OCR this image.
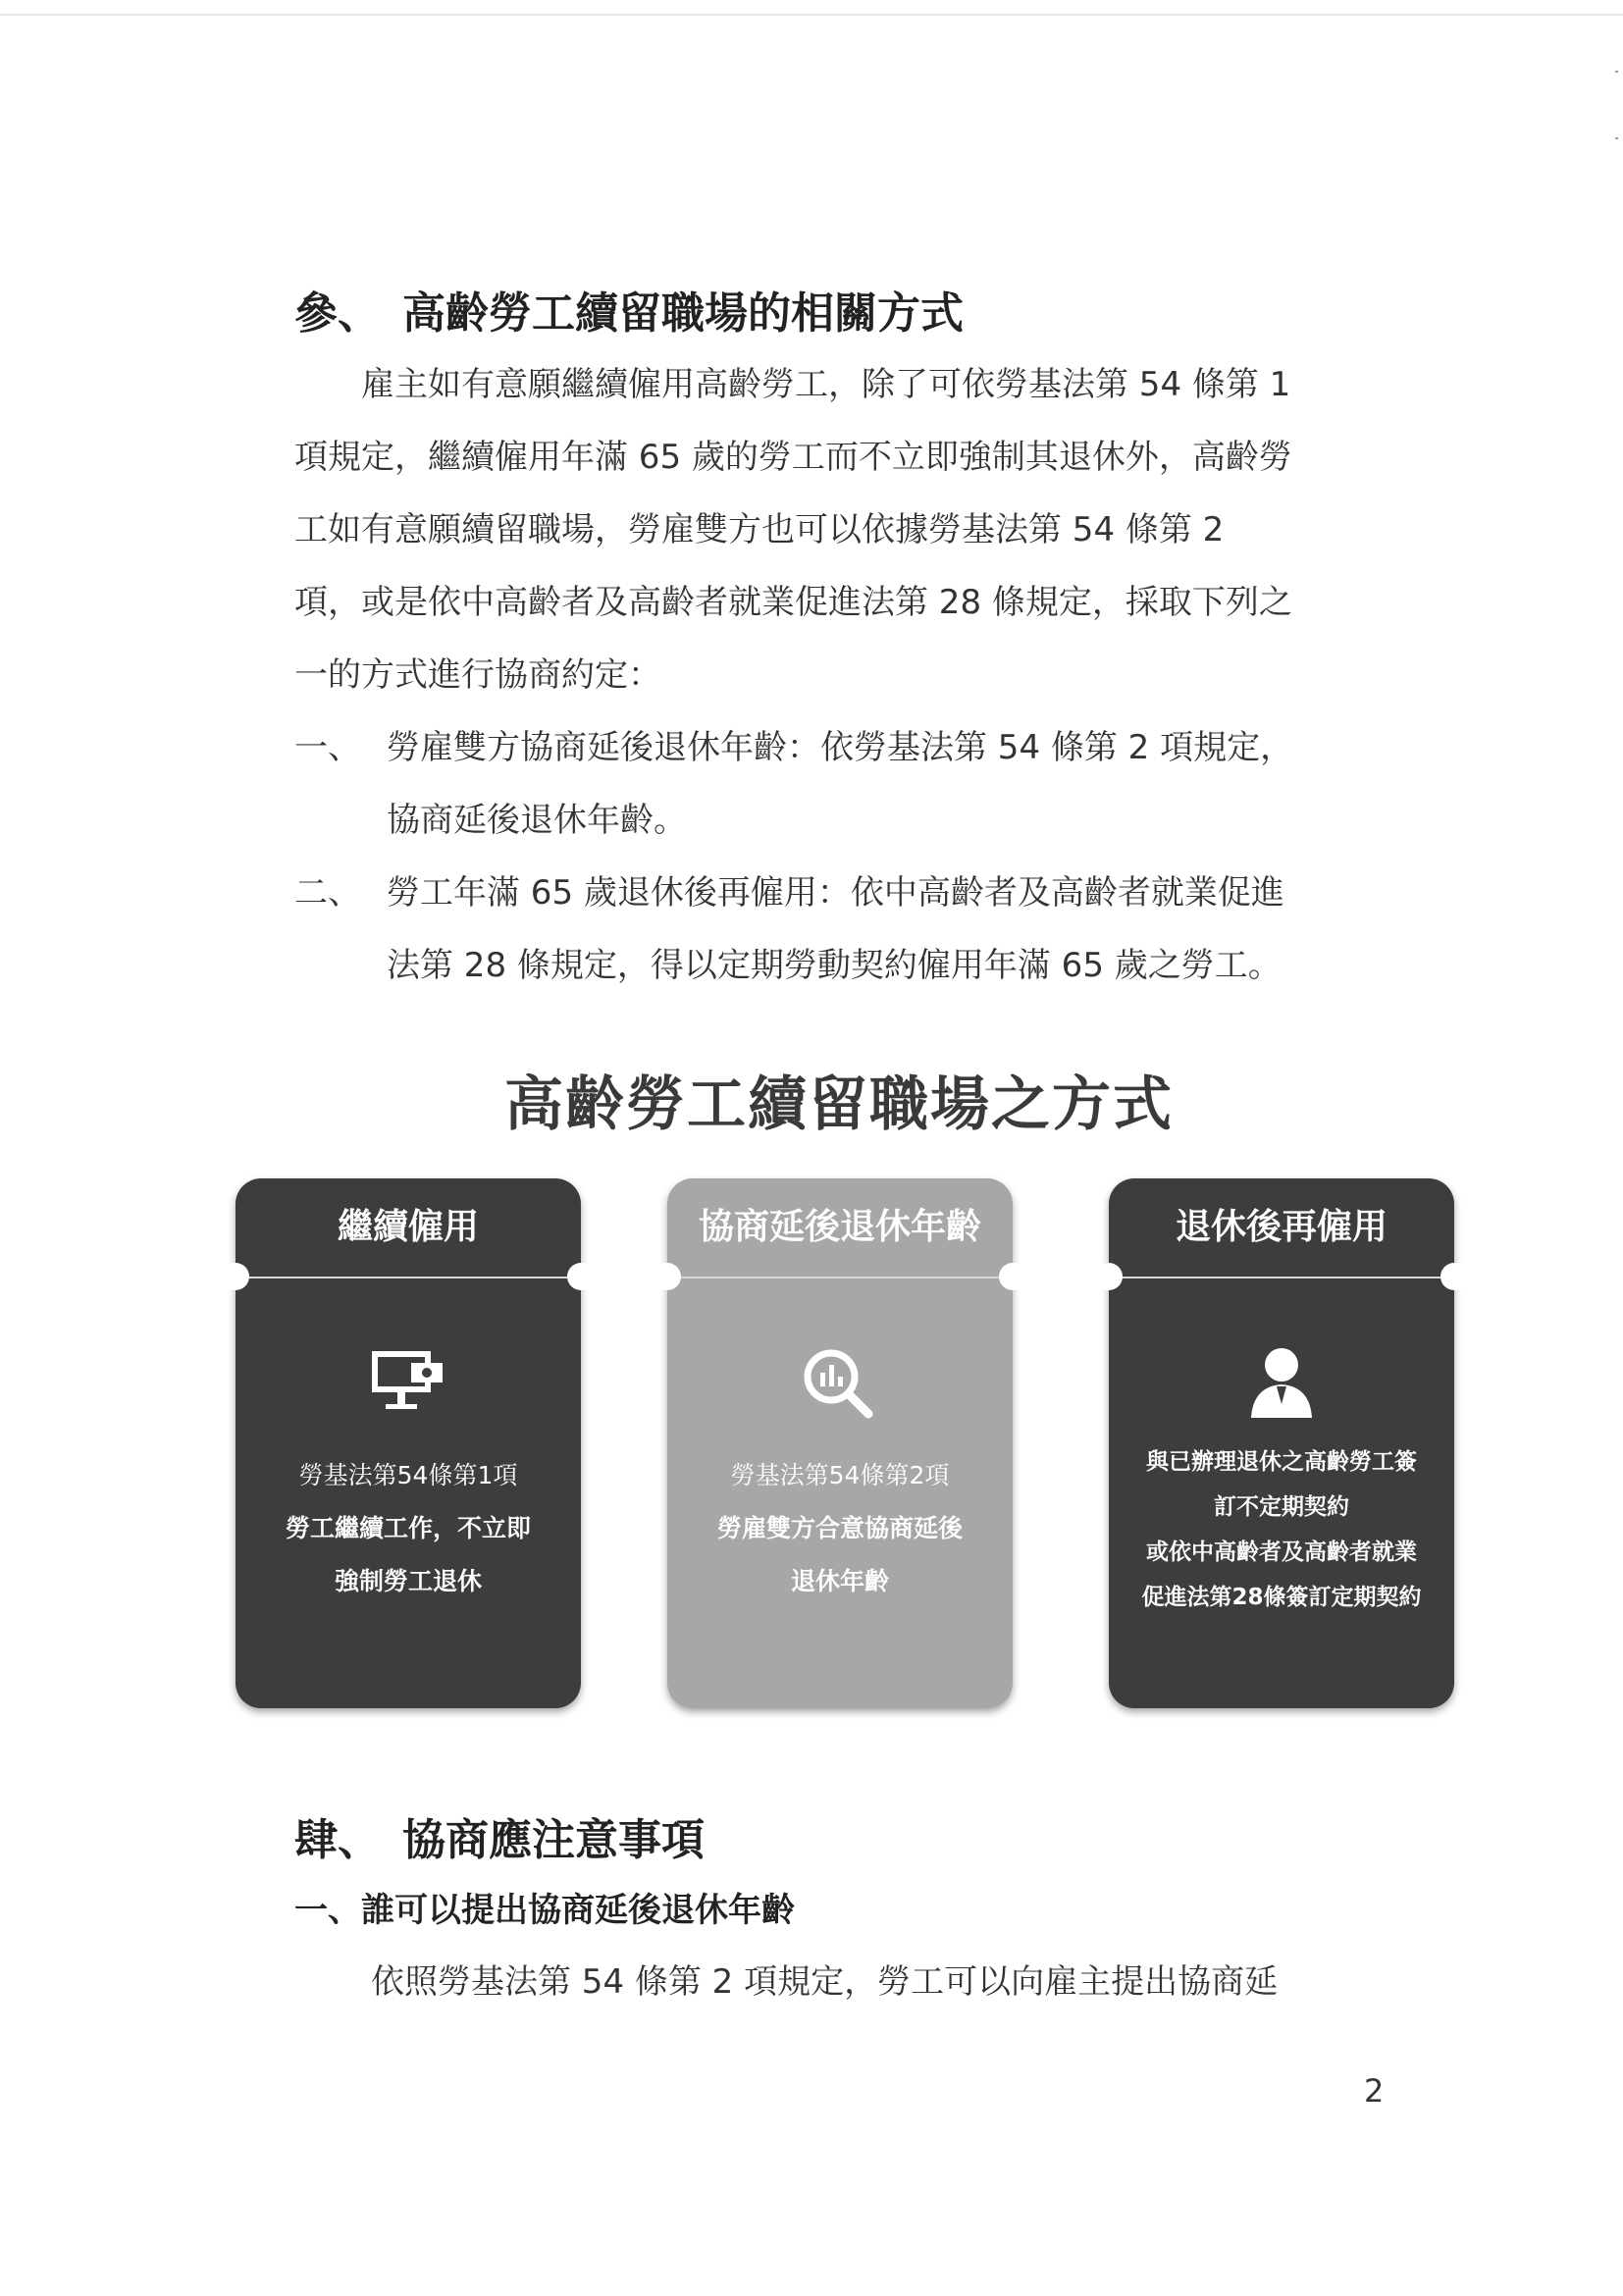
參、 高齡勞工續留職場的相關方式

雇主如有意願繼續僱用高齡勞工，除了可依勞基法第 54 條第 1

項規定，繼續僱用年滿 65 歲的勞工而不立即強制其退休外，高齡勞

工如有意願續留職場，勞雇雙方也可以依據勞基法第 54 條第 2

項，或是依中高齡者及高齡者就業促進法第 28 條規定，採取下列之

一的方式進行協商約定：

一、 勞雇雙方協商延後退休年齡：依勞基法第 54 條第 2 項規定，
協商延後退休年齡。
二、 勞工年滿 65 歲退休後再僱用：依中高齡者及高齡者就業促進
法第 28 條規定，得以定期勞動契約僱用年滿 65 歲之勞工。
高齡勞工續留職場之方式
繼續僱用
勞基法第54條第1項
勞工繼續工作，不立即
強制勞工退休
協商延後退休年齡
勞基法第54條第2項
勞雇雙方合意協商延後
退休年齡
退休後再僱用
與已辦理退休之高齡勞工簽
訂不定期契約
或依中高齡者及高齡者就業
促進法第28條簽訂定期契約
肆、 協商應注意事項
一、誰可以提出協商延後退休年齡

依照勞基法第 54 條第 2 項規定，勞工可以向雇主提出協商延

2
